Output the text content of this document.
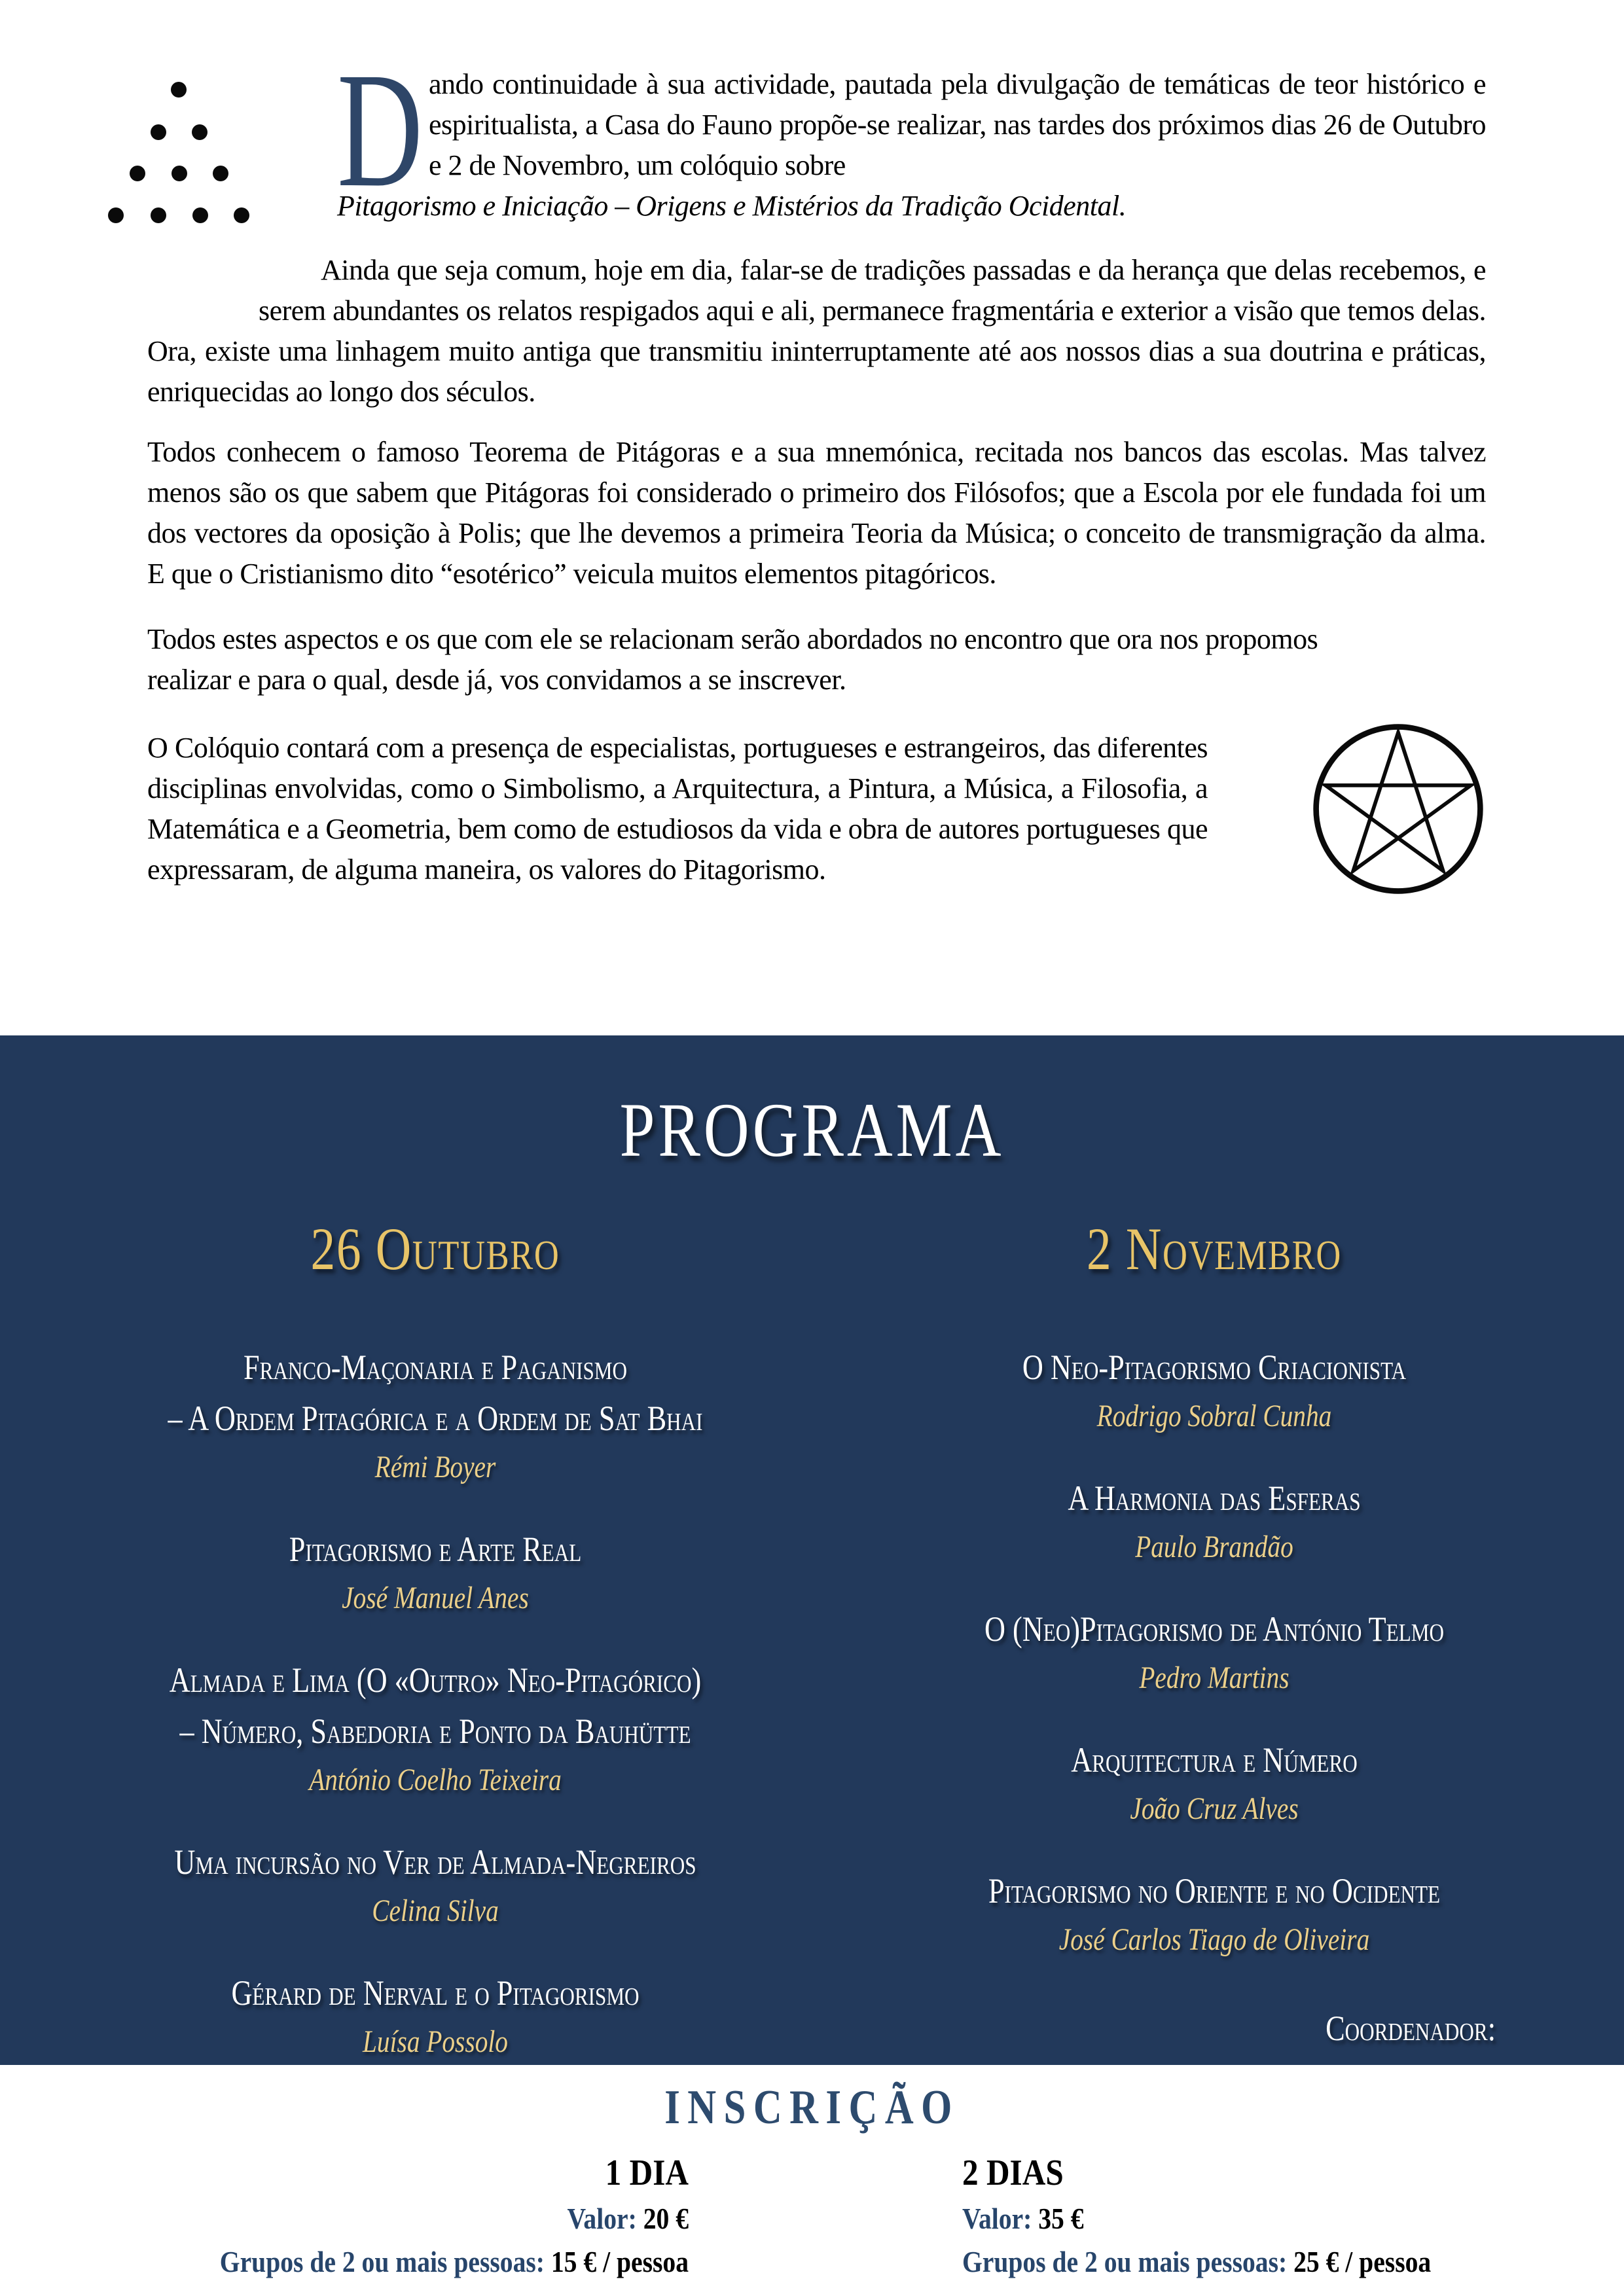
D ando continuidade à sua actividade, pautada pela divulgação de temáticas de teor histórico e espiritualista, a Casa do Fauno propõe-se realizar, nas tardes dos próximos dias 26 de Outubro e 2 de Novembro, um colóquio sobre
Pitagorismo e Iniciação – Origens e Mistérios da Tradição Ocidental.
Ainda que seja comum, hoje em dia, falar-se de tradições passadas e da herança que delas recebemos, e serem abundantes os relatos respigados aqui e ali, permanece fragmentária e exterior a visão que temos delas. Ora, existe uma linhagem muito antiga que transmitiu ininterruptamente até aos nossos dias a sua doutrina e práticas, enriquecidas ao longo dos séculos.
Todos conhecem o famoso Teorema de Pitágoras e a sua mnemónica, recitada nos bancos das escolas. Mas talvez menos são os que sabem que Pitágoras foi considerado o primeiro dos Filósofos; que a Escola por ele fundada foi um dos vectores da oposição à Polis; que lhe devemos a primeira Teoria da Música; o conceito de transmigração da alma. E que o Cristianismo dito “esotérico” veicula muitos elementos pitagóricos.
Todos estes aspectos e os que com ele se relacionam serão abordados no encontro que ora nos propomos realizar e para o qual, desde já, vos convidamos a se inscrever.
O Colóquio contará com a presença de especialistas, portugueses e estrangeiros, das diferentes disciplinas envolvidas, como o Simbolismo, a Arquitectura, a Pintura, a Música, a Filosofia, a Matemática e a Geometria, bem como de estudiosos da vida e obra de autores portugueses que expressaram, de alguma maneira, os valores do Pitagorismo.
PROGRAMA
26 Outubro
Franco-Maçonaria e Paganismo
– A Ordem Pitagórica e a Ordem de Sat Bhai
Rémi Boyer
Pitagorismo e Arte Real
José Manuel Anes
Almada e Lima (O «Outro» Neo-Pitagórico)
– Número, Sabedoria e Ponto da Bauhütte
António Coelho Teixeira
Uma incursão no Ver de Almada-Negreiros
Celina Silva
Gérard de Nerval e o Pitagorismo
Luísa Possolo
2 Novembro
O Neo-Pitagorismo Criacionista
Rodrigo Sobral Cunha
A Harmonia das Esferas
Paulo Brandão
O (Neo)Pitagorismo de António Telmo
Pedro Martins
Arquitectura e Número
João Cruz Alves
Pitagorismo no Oriente e no Ocidente
José Carlos Tiago de Oliveira
Coordenador:
INSCRIÇÃO
1 DIA
Valor: 20 €
Grupos de 2 ou mais pessoas: 15 € / pessoa
2 DIAS
Valor: 35 €
Grupos de 2 ou mais pessoas: 25 € / pessoa
